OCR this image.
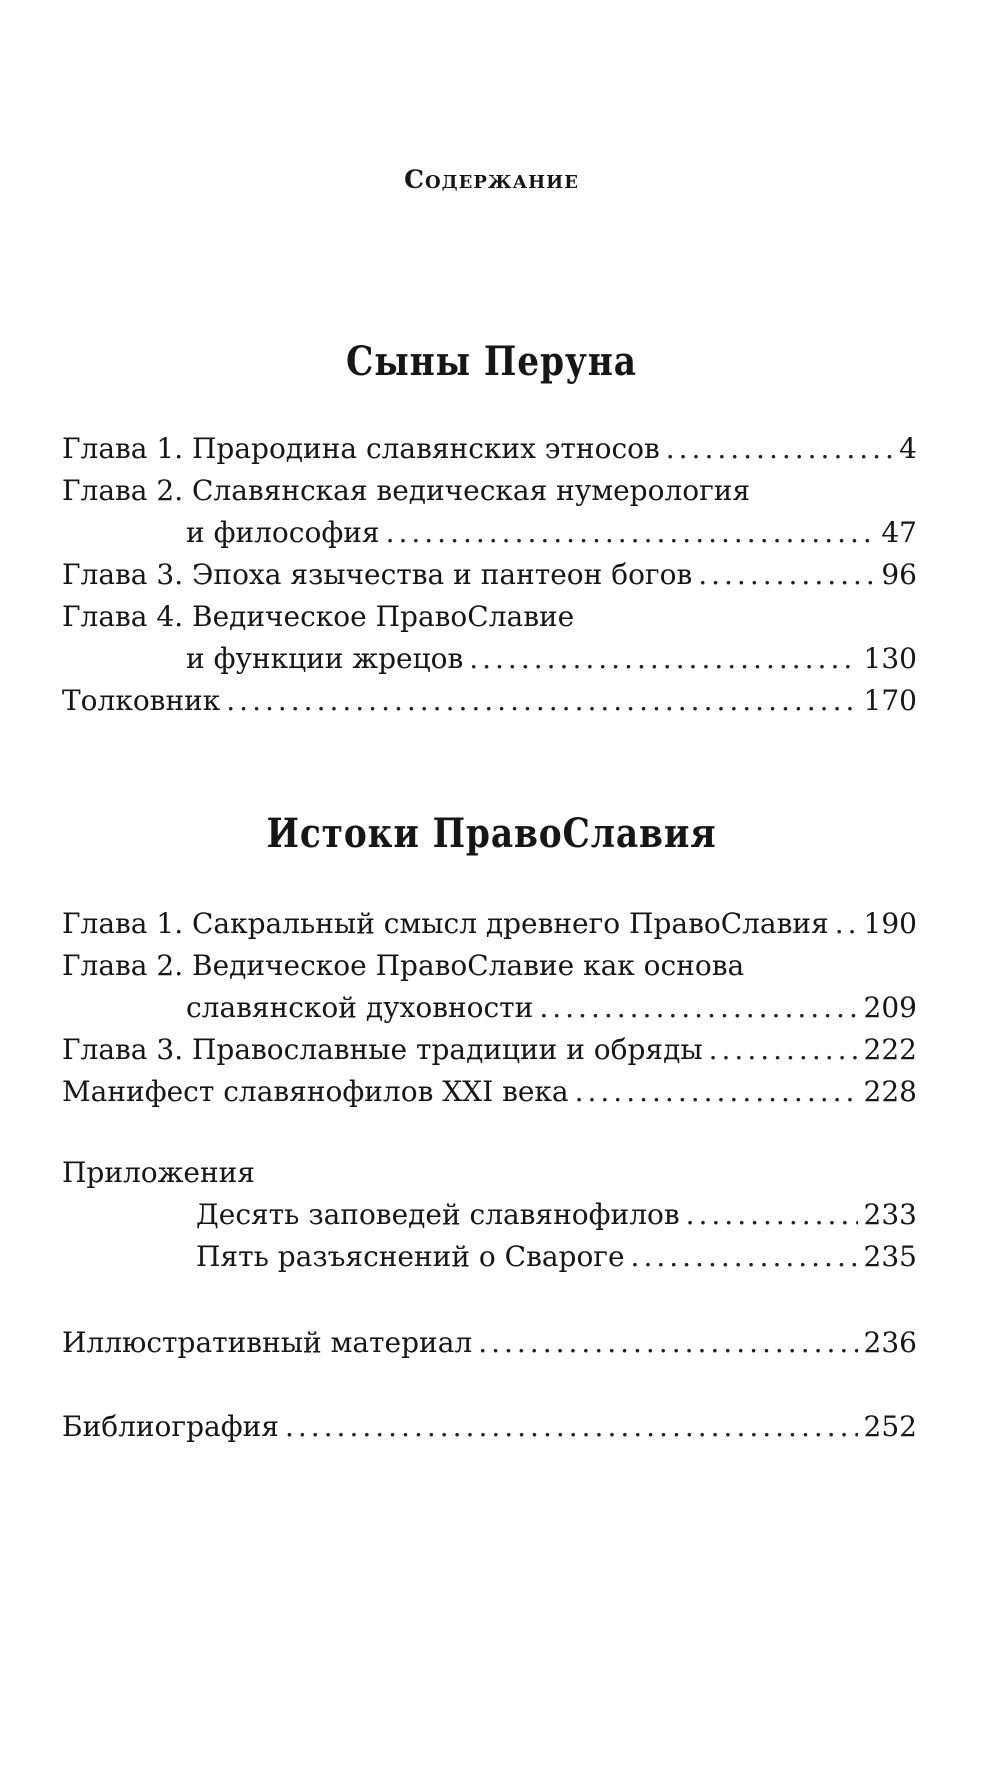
Содержание
Сыны Перуна
Глава 1. Прародина славянских этносов .....	4
Глава 2. Славянская ведическая нумерология
и философия .....	47
Глава 3. Эпоха язычества и пантеон богов .....	96
Глава 4. Ведическое ПравоСлавие
и функции жрецов .....	130
Толковник .....	170
Истоки ПравоСлавия
Глава 1. Сакральный смысл древнего ПравоСлавия ..... 190
Глава 2. Ведическое ПравоСлавие как основа
славянской духовности .....	209
Глава 3. Православные традиции и обряды .....	222
Манифест славянофилов XXI века .....	228
Приложения
Десять заповедей славянофилов .....	233
Пять разъяснений о Свароге .....	235
Иллюстративный материал .....	236
Библиография .....	252
